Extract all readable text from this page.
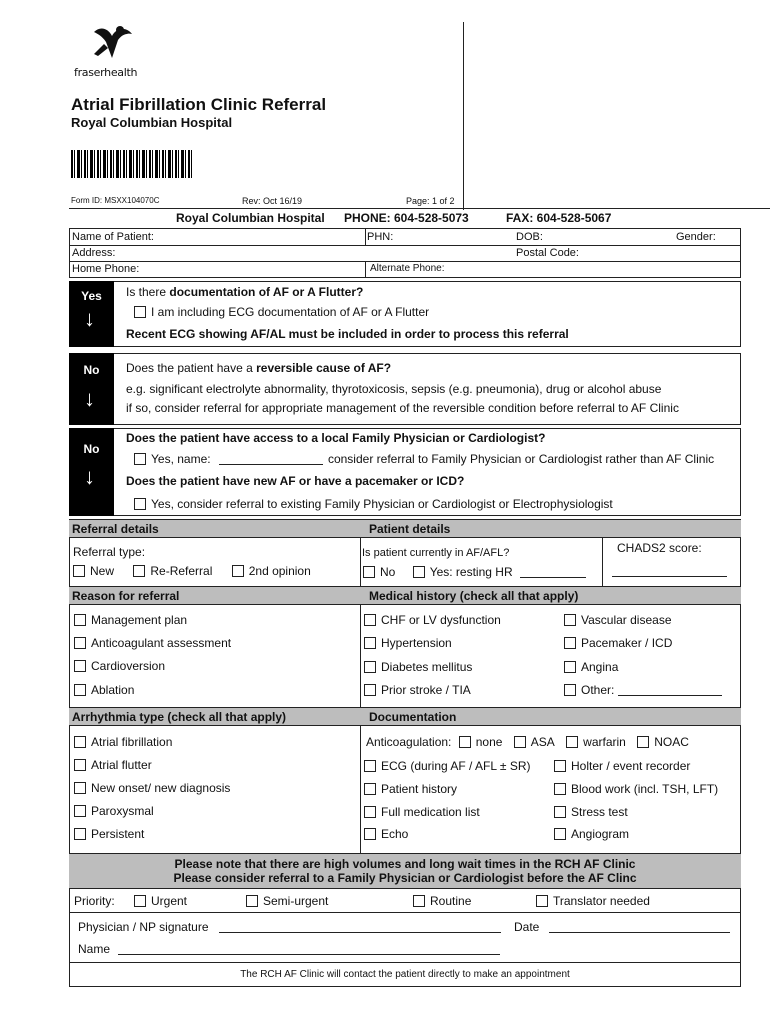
fraserhealth
Atrial Fibrillation Clinic Referral
Royal Columbian Hospital
Form ID: MSXX104070C	Rev: Oct 16/19	Page: 1 of 2
Royal Columbian Hospital PHONE: 604-528-5073	FAX: 604-528-5067
Name of Patient:	PHN:	DOB:	Gender:
Address:	Postal Code:
Home Phone:	Alternate Phone:
Yes
↓
Is there documentation of AF or A Flutter?
I am including ECG documentation of AF or A Flutter
Recent ECG showing AF/AL must be included in order to process this referral
No
↓
Does the patient have a reversible cause of AF?
e.g. significant electrolyte abnormality, thyrotoxicosis, sepsis (e.g. pneumonia), drug or alcohol abuse
if so, consider referral for appropriate management of the reversible condition before referral to AF Clinic
No
↓
Does the patient have access to a local Family Physician or Cardiologist?
Yes, name:	consider referral to Family Physician or Cardiologist rather than AF Clinic
Does the patient have new AF or have a pacemaker or ICD?
Yes, consider referral to existing Family Physician or Cardiologist or Electrophysiologist
Referral details	Patient details
Referral type:
New	Re-Referral	2nd opinion
Is patient currently in AF/AFL?
No	Yes: resting HR
CHADS2 score:
Reason for referral	Medical history (check all that apply)
Management plan
Anticoagulant assessment
Cardioversion
Ablation
CHF or LV dysfunction
Hypertension
Diabetes mellitus
Prior stroke / TIA
Vascular disease
Pacemaker / ICD
Angina
Other:
Arrhythmia type (check all that apply)	Documentation
Atrial fibrillation
Atrial flutter
New onset/ new diagnosis
Paroxysmal
Persistent
Anticoagulation: none ASA warfarin NOAC
ECG (during AF / AFL ± SR)
Patient history
Full medication list
Echo
Holter / event recorder
Blood work (incl. TSH, LFT)
Stress test
Angiogram
Please note that there are high volumes and long wait times in the RCH AF Clinic
Please consider referral to a Family Physician or Cardiologist before the AF Clinc
Priority:	Urgent	Semi-urgent	Routine	Translator needed
Physician / NP signature	Date
Name
The RCH AF Clinic will contact the patient directly to make an appointment
